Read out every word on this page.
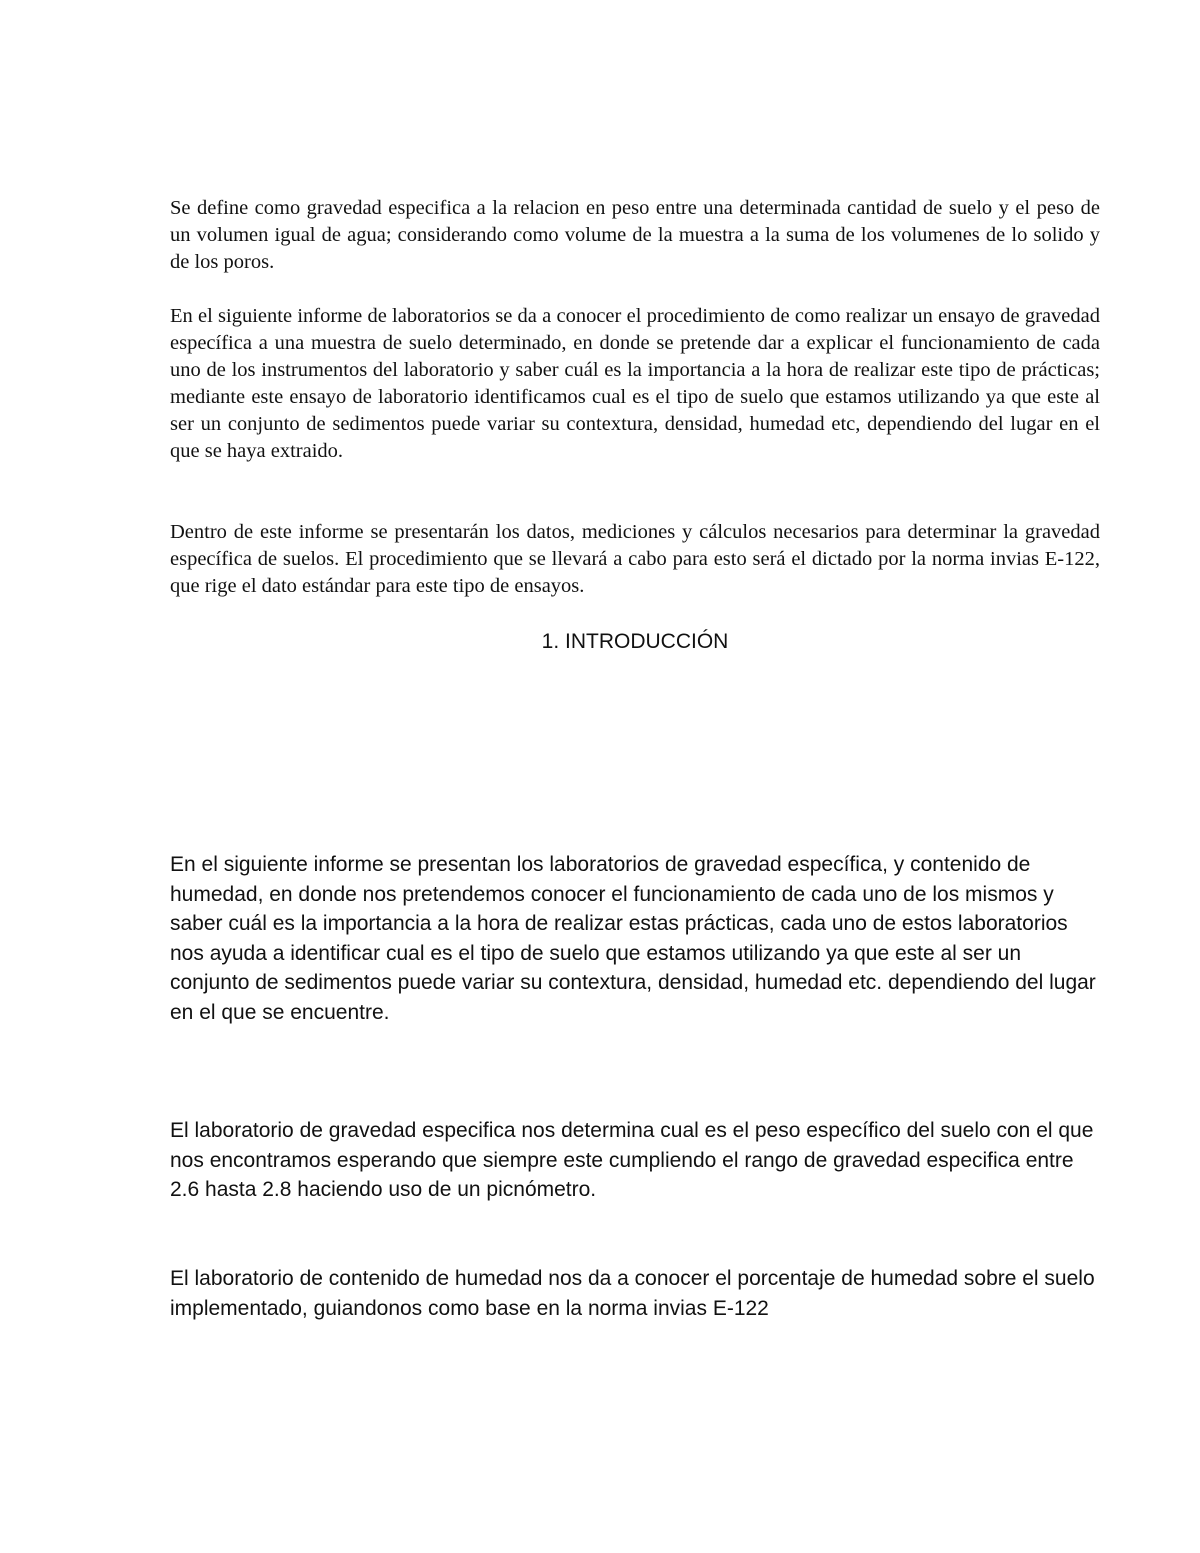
Se define como gravedad especifica a la relacion en peso entre una determinada cantidad de suelo y el peso de un volumen igual de agua; considerando como volume de la muestra a la suma de los volumenes de lo solido y de los poros.

En el siguiente informe de laboratorios se da a conocer el procedimiento de como realizar un ensayo de gravedad específica a una muestra de suelo determinado, en donde se pretende dar a explicar el funcionamiento de cada uno de los instrumentos del laboratorio y saber cuál es la importancia a la hora de realizar este tipo de prácticas; mediante este ensayo de laboratorio identificamos cual es el tipo de suelo que estamos utilizando ya que este al ser un conjunto de sedimentos puede variar su contextura, densidad, humedad etc, dependiendo del lugar en el que se haya extraido.

Dentro de este informe se presentarán los datos, mediciones y cálculos necesarios para determinar la gravedad específica de suelos. El procedimiento que se llevará a cabo para esto será el dictado por la norma invias E-122, que rige el dato estándar para este tipo de ensayos.

1. INTRODUCCIÓN

En el siguiente informe se presentan los laboratorios de gravedad específica, y contenido de humedad, en donde nos pretendemos conocer el funcionamiento de cada uno de los mismos y saber cuál es la importancia a la hora de realizar estas prácticas, cada uno de estos laboratorios nos ayuda a identificar cual es el tipo de suelo que estamos utilizando ya que este al ser un conjunto de sedimentos puede variar su contextura, densidad, humedad etc. dependiendo del lugar en el que se encuentre.

El laboratorio de gravedad especifica nos determina cual es el peso específico del suelo con el que nos encontramos esperando que siempre este cumpliendo el rango de gravedad especifica entre 2.6 hasta 2.8 haciendo uso de un picnómetro.

El laboratorio de contenido de humedad nos da a conocer el porcentaje de humedad sobre el suelo implementado, guiandonos como base en la norma invias E-122
